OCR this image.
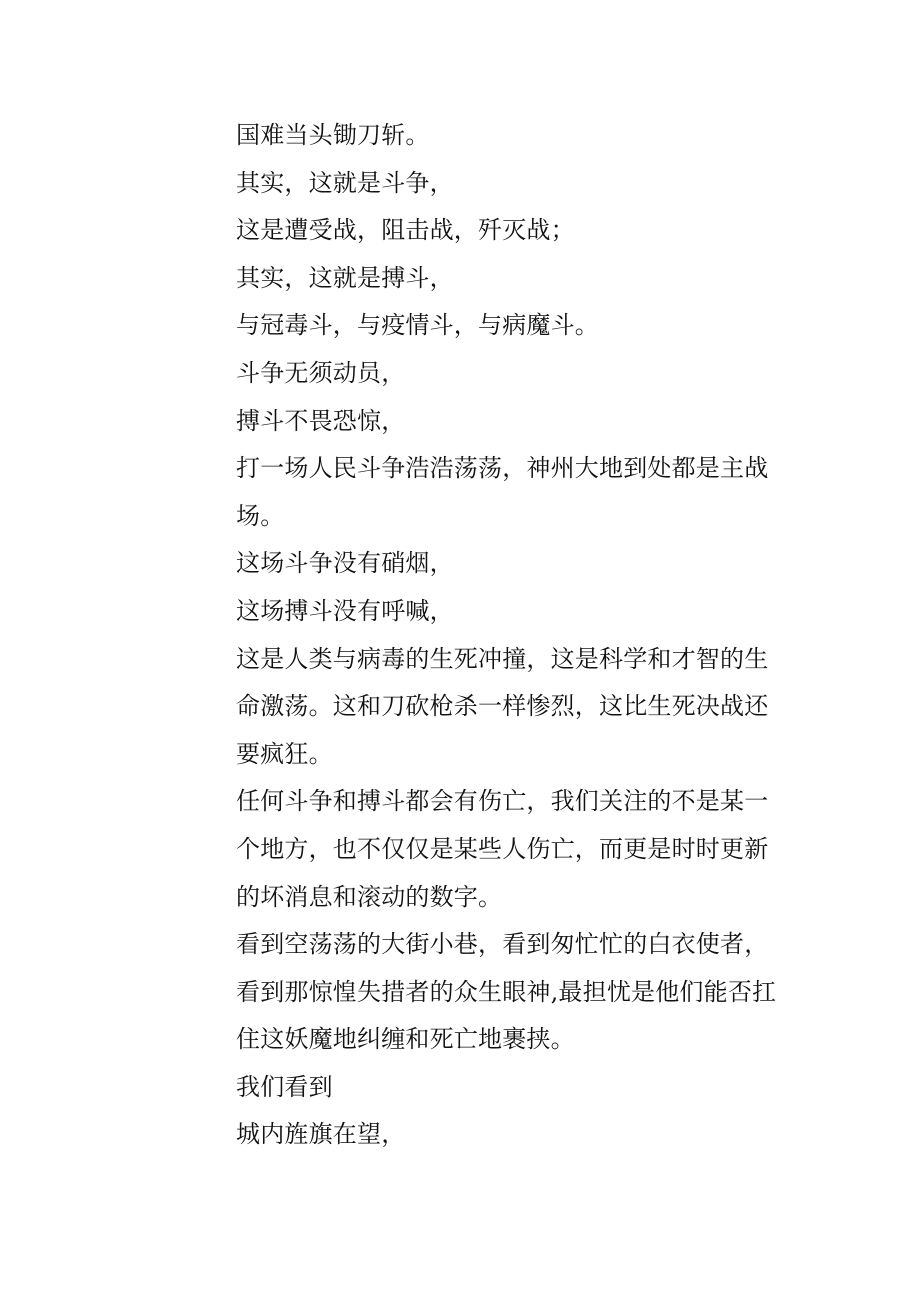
国难当头锄刀斩。

其实，这就是斗争，

这是遭受战，阻击战，歼灭战；

其实，这就是搏斗，

与冠毒斗，与疫情斗，与病魔斗。

斗争无须动员，

搏斗不畏恐惊，

打一场人民斗争浩浩荡荡，神州大地到处都是主战场。

这场斗争没有硝烟，

这场搏斗没有呼喊，

这是人类与病毒的生死冲撞，这是科学和才智的生命激荡。这和刀砍枪杀一样惨烈，这比生死决战还要疯狂。

任何斗争和搏斗都会有伤亡，我们关注的不是某一个地方，也不仅仅是某些人伤亡，而更是时时更新的坏消息和滚动的数字。

看到空荡荡的大街小巷，看到匆忙忙的白衣使者，看到那惊惶失措者的众生眼神,最担忧是他们能否扛住这妖魔地纠缠和死亡地裹挟。

我们看到

城内旌旗在望，
